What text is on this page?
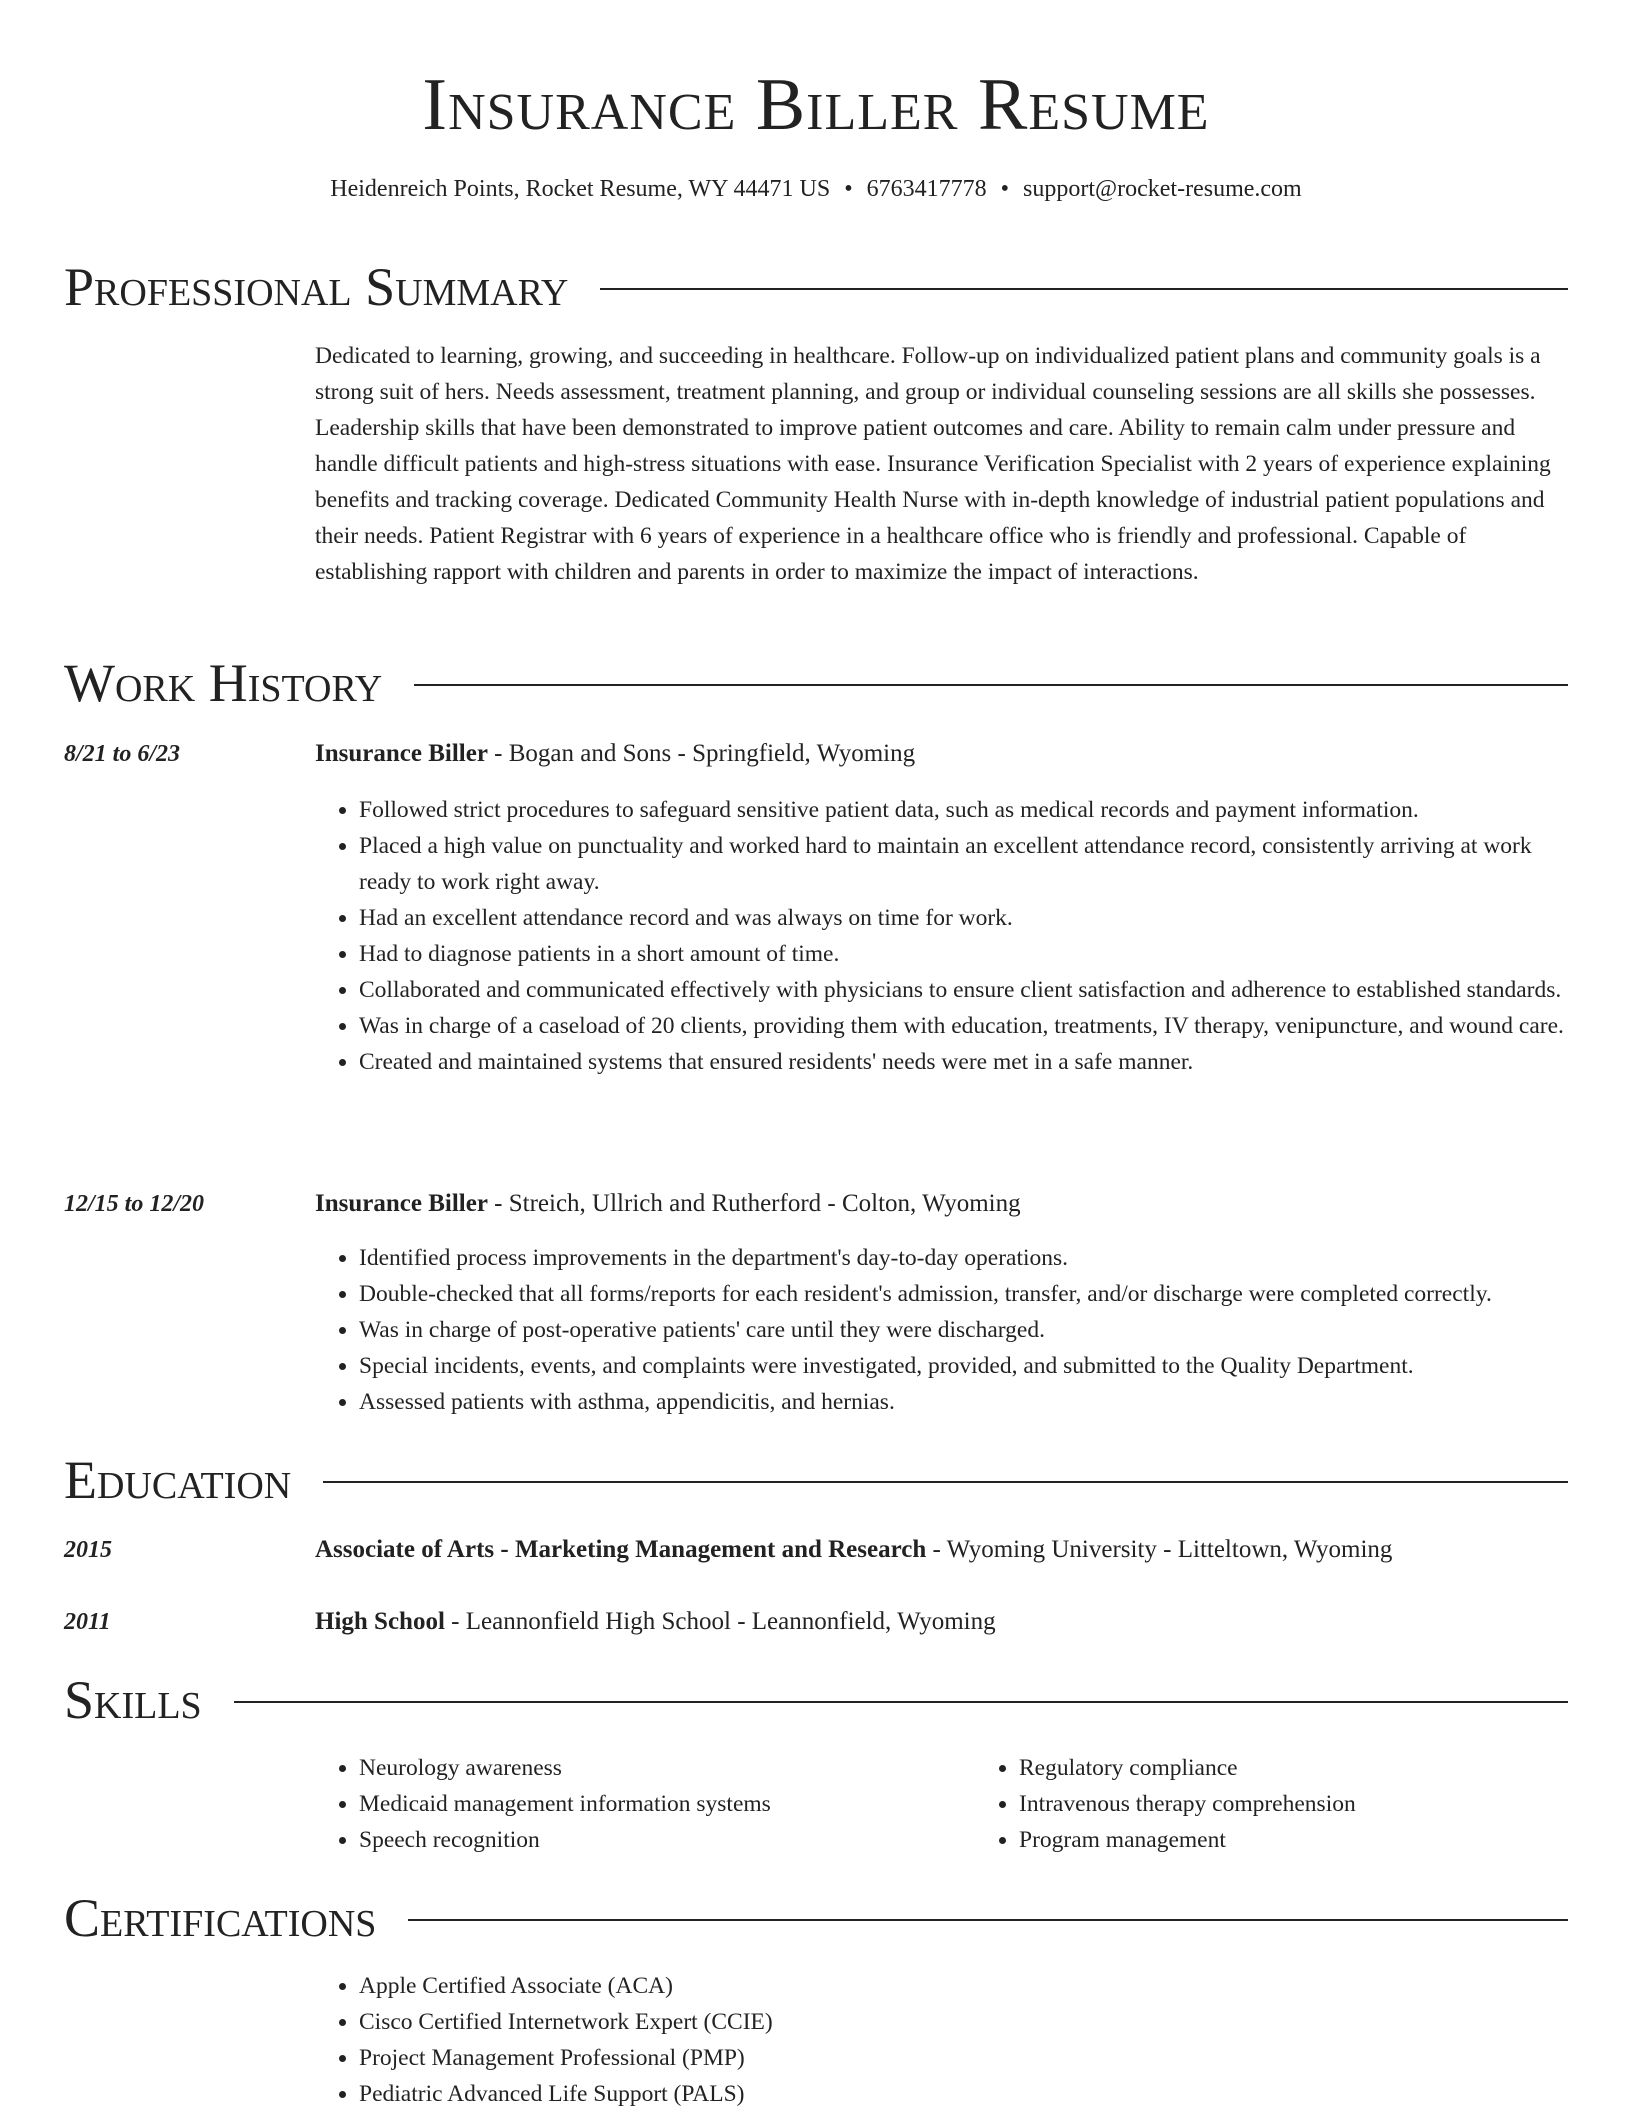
Insurance Biller Resume
Heidenreich Points, Rocket Resume, WY 44471 US • 6763417778 • support@rocket-resume.com
Professional Summary

Dedicated to learning, growing, and succeeding in healthcare. Follow-up on individualized patient plans and community goals is a strong suit of hers. Needs assessment, treatment planning, and group or individual counseling sessions are all skills she possesses. Leadership skills that have been demonstrated to improve patient outcomes and care. Ability to remain calm under pressure and handle difficult patients and high-stress situations with ease. Insurance Verification Specialist with 2 years of experience explaining benefits and tracking coverage. Dedicated Community Health Nurse with in-depth knowledge of industrial patient populations and their needs. Patient Registrar with 6 years of experience in a healthcare office who is friendly and professional. Capable of establishing rapport with children and parents in order to maximize the impact of interactions.

Work History
8/21 to 6/23	Insurance Biller - Bogan and Sons - Springfield, Wyoming
• Followed strict procedures to safeguard sensitive patient data, such as medical records and payment information.
• Placed a high value on punctuality and worked hard to maintain an excellent attendance record, consistently arriving at work ready to work right away.
• Had an excellent attendance record and was always on time for work.
• Had to diagnose patients in a short amount of time.
• Collaborated and communicated effectively with physicians to ensure client satisfaction and adherence to established standards.
• Was in charge of a caseload of 20 clients, providing them with education, treatments, IV therapy, venipuncture, and wound care.
• Created and maintained systems that ensured residents' needs were met in a safe manner.
12/15 to 12/20	Insurance Biller - Streich, Ullrich and Rutherford - Colton, Wyoming
• Identified process improvements in the department's day-to-day operations.
• Double-checked that all forms/reports for each resident's admission, transfer, and/or discharge were completed correctly.
• Was in charge of post-operative patients' care until they were discharged.
• Special incidents, events, and complaints were investigated, provided, and submitted to the Quality Department.
• Assessed patients with asthma, appendicitis, and hernias.
Education
2015	Associate of Arts - Marketing Management and Research - Wyoming University - Litteltown, Wyoming
2011	High School - Leannonfield High School - Leannonfield, Wyoming
Skills
• Neurology awareness
• Medicaid management information systems
• Speech recognition
• Regulatory compliance
• Intravenous therapy comprehension
• Program management
Certifications
• Apple Certified Associate (ACA)
• Cisco Certified Internetwork Expert (CCIE)
• Project Management Professional (PMP)
• Pediatric Advanced Life Support (PALS)
